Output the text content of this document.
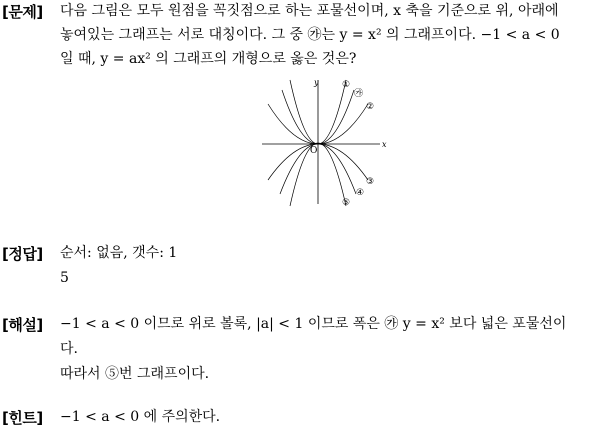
[문제] 다음 그림은 모두 원점을 꼭짓점으로 하는 포물선이며, x 축을 기준으로 위, 아래에
놓여있는 그래프는 서로 대칭이다. 그 중 ㉮는 y = x² 의 그래프이다. −1 < a < 0
일 때, y = ax² 의 그래프의 개형으로 옳은 것은?
x
y
O
①
㉮
②
③
④
⑤
[정답] 순서: 없음, 갯수: 1
5
[해설] −1 < a < 0 이므로 위로 볼록, |a| < 1 이므로 폭은 ㉮ y = x² 보다 넓은 포물선이
다.
따라서 ⑤번 그래프이다.
[힌트] −1 < a < 0 에 주의한다.
